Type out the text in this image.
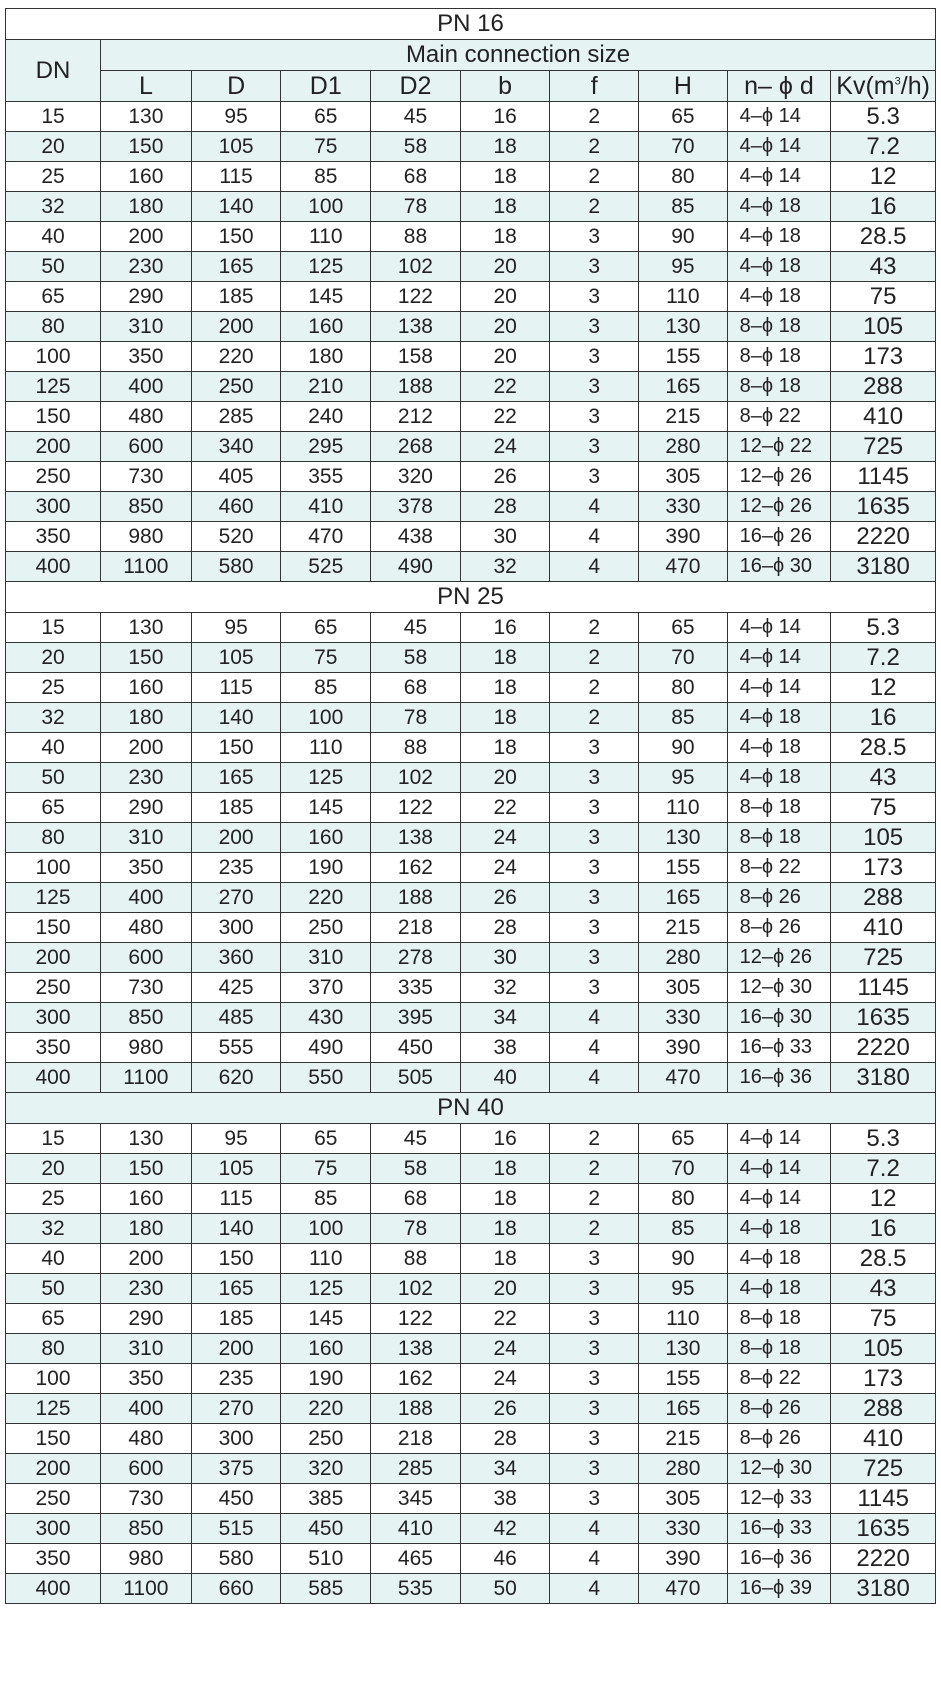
PN 16									
DN	Main connection size								
	L	D	D1	D2	b	f	H	n– ϕ d	$Kv(m^3/h)$
15	130	95	65	45	16	2	65	4–ϕ 14	5.3
20	150	105	75	58	18	2	70	4–ϕ 14	7.2
25	160	115	85	68	18	2	80	4–ϕ 14	12
32	180	140	100	78	18	2	85	4–ϕ 18	16
40	200	150	110	88	18	3	90	4–ϕ 18	28.5
50	230	165	125	102	20	3	95	4–ϕ 18	43
65	290	185	145	122	20	3	110	4–ϕ 18	75
80	310	200	160	138	20	3	130	8–ϕ 18	105
100	350	220	180	158	20	3	155	8–ϕ 18	173
125	400	250	210	188	22	3	165	8–ϕ 18	288
150	480	285	240	212	22	3	215	8–ϕ 22	410
200	600	340	295	268	24	3	280	12–ϕ 22	725
250	730	405	355	320	26	3	305	12–ϕ 26	1145
300	850	460	410	378	28	4	330	12–ϕ 26	1635
350	980	520	470	438	30	4	390	16–ϕ 26	2220
400	1100	580	525	490	32	4	470	16–ϕ 30	3180
PN 25									
15	130	95	65	45	16	2	65	4–ϕ 14	5.3
20	150	105	75	58	18	2	70	4–ϕ 14	7.2
25	160	115	85	68	18	2	80	4–ϕ 14	12
32	180	140	100	78	18	2	85	4–ϕ 18	16
40	200	150	110	88	18	3	90	4–ϕ 18	28.5
50	230	165	125	102	20	3	95	4–ϕ 18	43
65	290	185	145	122	22	3	110	8–ϕ 18	75
80	310	200	160	138	24	3	130	8–ϕ 18	105
100	350	235	190	162	24	3	155	8–ϕ 22	173
125	400	270	220	188	26	3	165	8–ϕ 26	288
150	480	300	250	218	28	3	215	8–ϕ 26	410
200	600	360	310	278	30	3	280	12–ϕ 26	725
250	730	425	370	335	32	3	305	12–ϕ 30	1145
300	850	485	430	395	34	4	330	16–ϕ 30	1635
350	980	555	490	450	38	4	390	16–ϕ 33	2220
400	1100	620	550	505	40	4	470	16–ϕ 36	3180
PN 40									
15	130	95	65	45	16	2	65	4–ϕ 14	5.3
20	150	105	75	58	18	2	70	4–ϕ 14	7.2
25	160	115	85	68	18	2	80	4–ϕ 14	12
32	180	140	100	78	18	2	85	4–ϕ 18	16
40	200	150	110	88	18	3	90	4–ϕ 18	28.5
50	230	165	125	102	20	3	95	4–ϕ 18	43
65	290	185	145	122	22	3	110	8–ϕ 18	75
80	310	200	160	138	24	3	130	8–ϕ 18	105
100	350	235	190	162	24	3	155	8–ϕ 22	173
125	400	270	220	188	26	3	165	8–ϕ 26	288
150	480	300	250	218	28	3	215	8–ϕ 26	410
200	600	375	320	285	34	3	280	12–ϕ 30	725
250	730	450	385	345	38	3	305	12–ϕ 33	1145
300	850	515	450	410	42	4	330	16–ϕ 33	1635
350	980	580	510	465	46	4	390	16–ϕ 36	2220
400	1100	660	585	535	50	4	470	16–ϕ 39	3180
